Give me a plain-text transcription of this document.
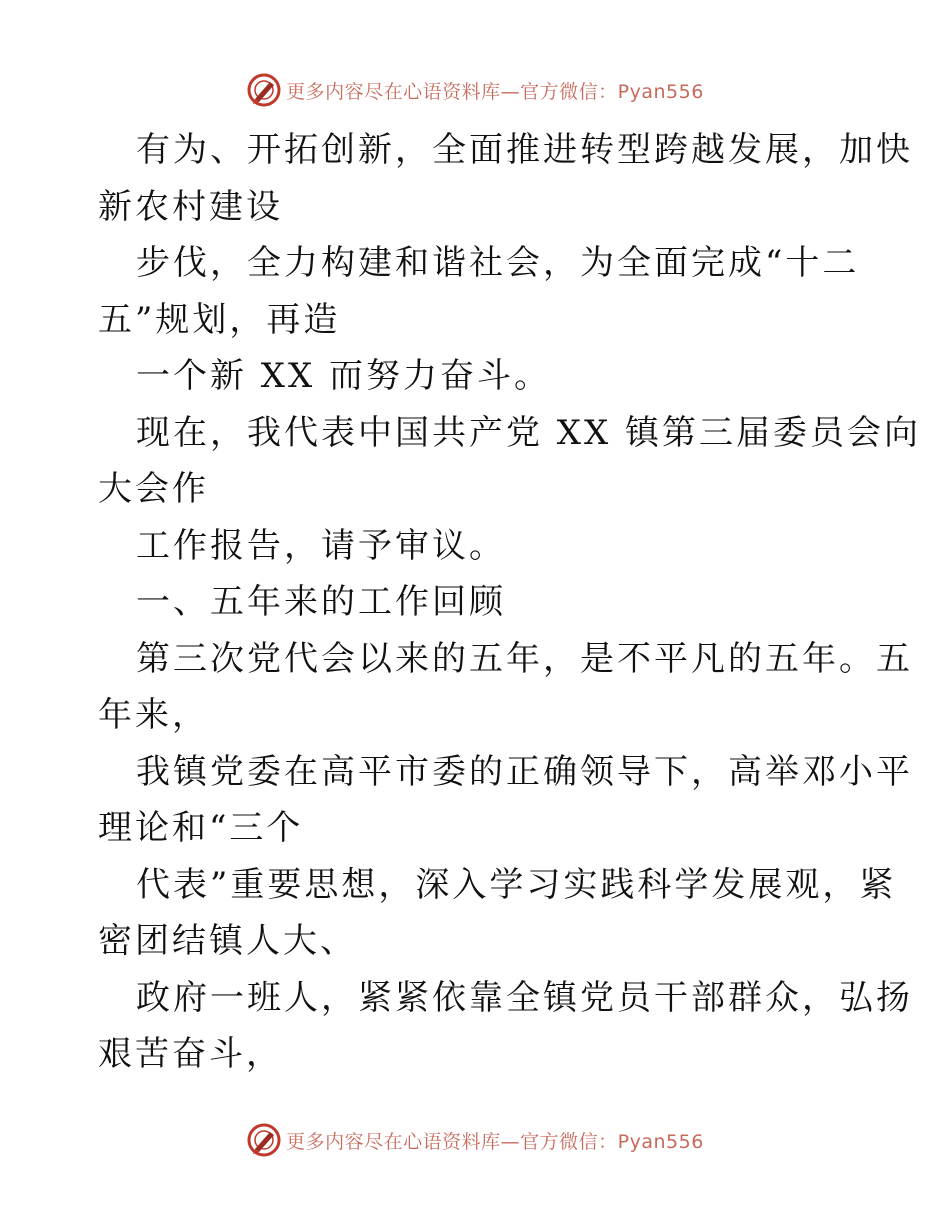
更多内容尽在心语资料库—官方微信：Pyan556
有为、开拓创新，全面推进转型跨越发展，加快
新农村建设
步伐，全力构建和谐社会，为全面完成“十二
五”规划，再造
一个新 XX 而努力奋斗。
现在，我代表中国共产党 XX 镇第三届委员会向
大会作
工作报告，请予审议。
一、五年来的工作回顾
第三次党代会以来的五年，是不平凡的五年。五
年来，
我镇党委在高平市委的正确领导下，高举邓小平
理论和“三个
代表”重要思想，深入学习实践科学发展观，紧
密团结镇人大、
政府一班人，紧紧依靠全镇党员干部群众，弘扬
艰苦奋斗，
更多内容尽在心语资料库—官方微信：Pyan556
